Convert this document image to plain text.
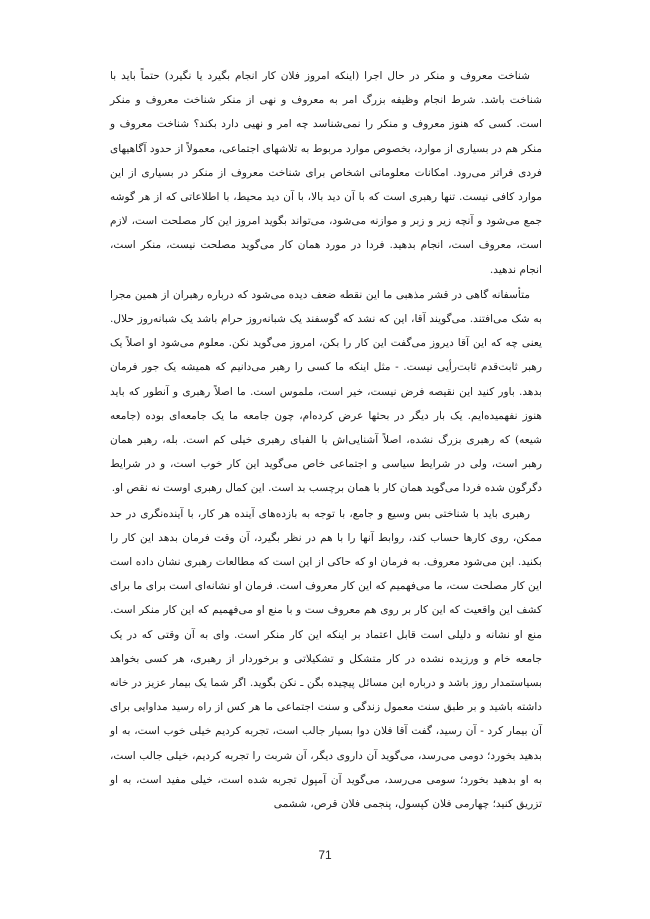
شناخت معروف و منکر در حال اجرا (اینکه امروز فلان کار انجام بگیرد یا نگیرد) حتماً باید با شناخت باشد. شرط انجام وظیفه بزرگ امر به معروف و نهی از منکر شناخت معروف و منکر است. کسی که هنوز معروف و منکر را نمی‌شناسد چه امر و نهیی دارد بکند؟ شناخت معروف و منکر هم در بسیاری از موارد، بخصوص موارد مربوط به تلاشهای اجتماعی، معمولاً از حدود آگاهیهای فردی فراتر می‌رود. امکانات معلوماتی اشخاص برای شناخت معروف از منکر در بسیاری از این موارد کافی نیست. تنها رهبری است که با آن دید بالا، با آن دید محیط، با اطلاعاتی که از هر گوشه جمع می‌شود و آنچه زیر و زبر و موازنه می‌شود، می‌تواند بگوید امروز این کار مصلحت است، لازم است، معروف است، انجام بدهید. فردا در مورد همان کار می‌گوید مصلحت نیست، منکر است، انجام ندهید.

متأسفانه گاهی در قشر مذهبی ما این نقطه ضعف دیده می‌شود که درباره رهبران از همین مجرا به شک می‌افتند. می‌گویند آقا، این که نشد که گوسفند یک شبانه‌روز حرام باشد یک شبانه‌روز حلال. یعنی چه که این آقا دیروز می‌گفت این کار را بکن، امروز می‌گوید نکن. معلوم می‌شود او اصلاً یک رهبر ثابت‌قدم ثابت‌رأیی نیست. - مثل اینکه ما کسی را رهبر می‌دانیم که همیشه یک جور فرمان بدهد. باور کنید این نقیصه فرض نیست، خیر است، ملموس است. ما اصلاً رهبری و آنطور که باید هنوز نفهمیده‌ایم. یک بار دیگر در بحثها عرض کرده‌ام، چون جامعه ما یک جامعه‌ای بوده (جامعه شیعه) که رهبری بزرگ نشده، اصلاً آشنایی‌اش با الفبای رهبری خیلی کم است. بله، رهبر همان رهبر است، ولی در شرایط سیاسی و اجتماعی خاص می‌گوید این کار خوب است، و در شرایط دگرگون شده فردا می‌گوید همان کار با همان برچسب بد است. این کمال رهبری اوست نه نقص او.

رهبری باید با شناختی بس وسیع و جامع، با توجه به بازده‌های آینده هر کار، با آینده‌نگری در حد ممکن، روی کارها حساب کند، روابط آنها را با هم در نظر بگیرد، آن وقت فرمان بدهد این کار را بکنید. این می‌شود معروف. به فرمان او که حاکی از این است که مطالعات رهبری نشان داده است این کار مصلحت ست، ما می‌فهمیم که این کار معروف است. فرمان او نشانه‌ای است برای ما برای کشف این واقعیت که این کار بر روی هم معروف ست و با منع او می‌فهمیم که این کار منکر است. منع او نشانه و دلیلی است قابل اعتماد بر اینکه این کار منکر است. وای به آن وقتی که در یک جامعه خام و ورزیده نشده در کار متشکل و تشکیلاتی و برخوردار از رهبری، هر کسی بخواهد بسیاستمدار روز باشد و درباره این مسائل پیچیده بگن ـ نکن بگوید. اگر شما یک بیمار عزیز در خانه داشته باشید و بر طبق سنت معمول زندگی و سنت اجتماعی ما هر کس از راه رسید مداوایی برای آن بیمار کرد - آن رسید، گفت آقا فلان دوا بسیار جالب است، تجربه کردیم خیلی خوب است، به او بدهید بخورد؛ دومی می‌رسد، می‌گوید آن داروی دیگر، آن شربت را تجربه کردیم، خیلی جالب است، به او بدهید بخورد؛ سومی می‌رسد، می‌گوید آن آمپول تجربه شده است، خیلی مفید است، به او تزریق کنید؛ چهارمی فلان کپسول، پنجمی فلان قرص، ششمی

71
